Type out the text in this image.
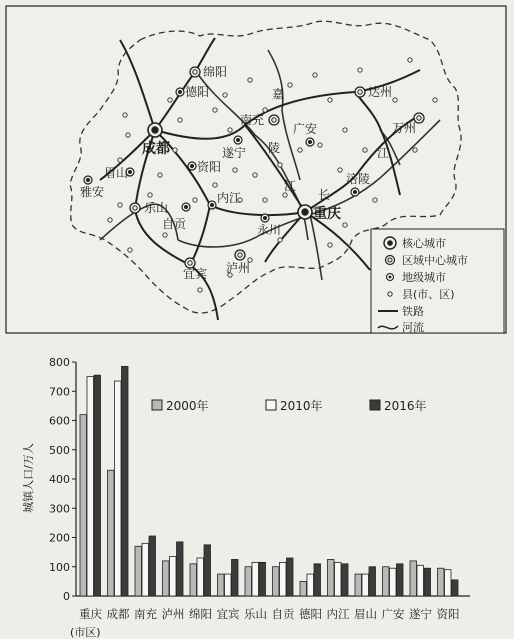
成都
重庆
绵阳
南充
达州
万州
乐山
宜宾 泸州
德阳
遂宁
广安
眉山	资阳
内江
自贡
雅安
涪陵
永川
嘉
陵
江
长
江
核心城市
区域中心城市
地级城市
县(市、区)
铁路
河流
0
100
200
300
400
500
600
700
800
城镇人口/万人
重庆 成都 南充 泸州 绵阳 宜宾 乐山 自贡 德阳 内江 眉山 广安 遂宁 资阳
(市区)
2000年	2010年	2016年
